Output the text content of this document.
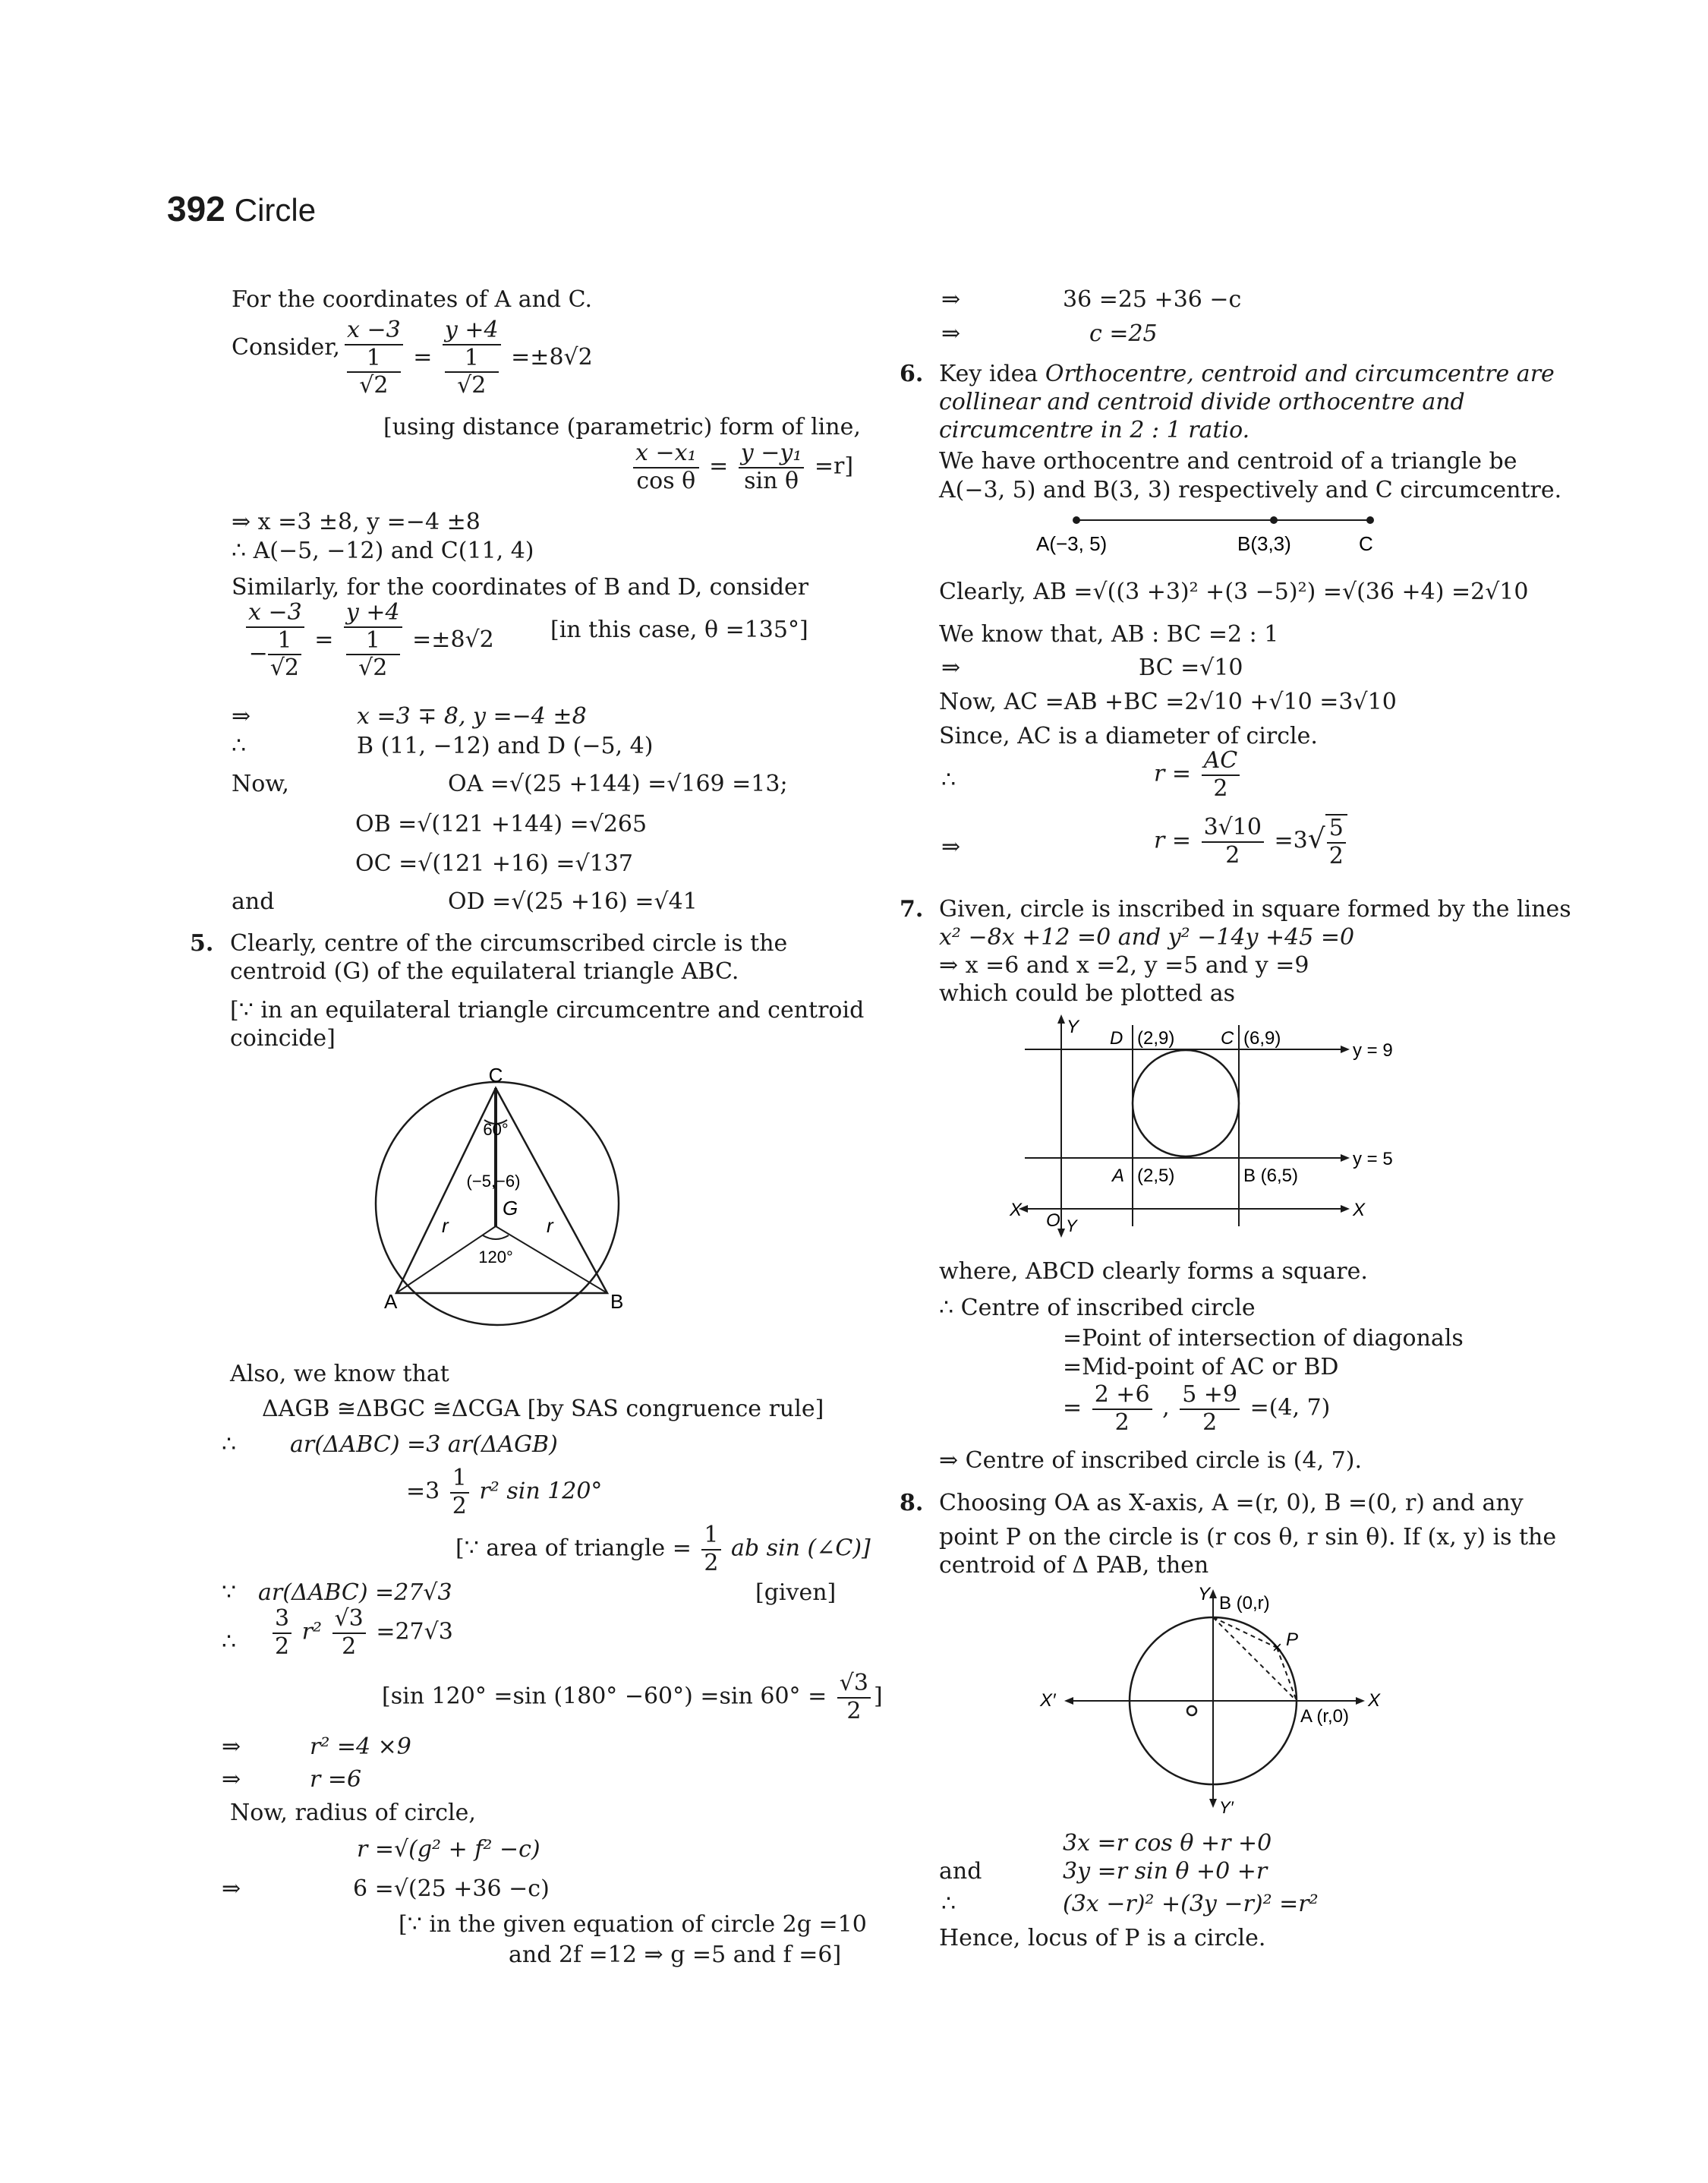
392 Circle
For the coordinates of A and C.
Consider, x −3
1
√2 = y +4
1
√2 =±8√2
[using distance (parametric) form of line,
$\frac{\text{x −x₁}}{\text{cos θ}} = \frac{\text{y −y₁}}{\text{sin θ}} =r$]
⇒ x =3 ±8, y =−4 ±8
∴ A(−5, −12) and C(11, 4)
Similarly, for the coordinates of B and D, consider
$\frac{x -3}{- \frac{1}{√2}} = y +4$
1
√2 =±8√2 [in this case, θ =135°]
⇒	x =3 ∓ 8, y =−4 ±8
∴	B (11, −12) and D (−5, 4)
Now,	OA =√(25 +144) =√169 =13;
OB =√(121 +144) =√265
OC =√(121 +16) =√137
and	OD =√(25 +16) =√41
5. Clearly, centre of the circumscribed circle is the
centroid (G) of the equilateral triangle ABC.
[∵ in an equilateral triangle circumcentre and centroid
coincide]
C
A	B
G
(−5,−6)
60°
120°
r	r
Also, we know that
ΔAGB ≅ΔBGC ≅ΔCGA [by SAS congruence rule]
∴ ar(ΔABC) =3 ar(ΔAGB)
$=3 \frac{1}{2} r^2$ sin 120°
[∵ area of triangle = $\frac{1}{2}$ ab sin (∠C)]
∵ ar(ΔABC) =27√3	[given]
∴ $\frac{3}{2} r^2 \frac{√3}{2} =27√3$
[sin 120° =sin (180° −60°) =sin $60^\circ = \frac{√3}{2}$ ]
⇒	r² =4 ×9
⇒	r =6
Now, radius of circle,
r =√(g² + f² −c)
⇒	6 =√(25 +36 −c)
[∵ in the given equation of circle 2g =10
and 2f =12 ⇒ g =5 and f =6]
⇒	36 =25 +36 −c
⇒	c =25
6. Key idea Orthocentre, centroid and circumcentre are
collinear and centroid divide orthocentre and
circumcentre in 2 : 1 ratio.
We have orthocentre and centroid of a triangle be
A(−3, 5) and B(3, 3) respectively and C circumcentre.
A(−3, 5)	B(3,3)	C
Clearly, AB =√((3 +3)² +(3 −5)²) =√(36 +4) =2√10
We know that, AB : BC =2 : 1
⇒	BC =√10
Now, AC =AB +BC =2√10 +√10 =3√10
Since, AC is a diameter of circle.
∴	$r = \frac{AC}{2}$
⇒	$r = \frac{3√10}{2} =3√ \frac{5}{2}$
7. Given, circle is inscribed in square formed by the lines
x² −8x +12 =0 and y² −14y +45 =0
⇒ x =6 and x =2, y =5 and y =9
which could be plotted as
Y
D (2,9)	C (6,9)
y = 9
y = 5
A (2,5)	B (6,5)
X	X
O Y
where, ABCD clearly forms a square.
∴ Centre of inscribed circle
=Point of intersection of diagonals
=Mid-point of AC or BD
= $\frac{2 +6}{2}$ , $\frac{5 +9}{2} =(4$, 7)
⇒ Centre of inscribed circle is (4, 7).
8. Choosing OA as X-axis, A =(r, 0), B =(0, r) and any
point P on the circle is (r cos θ, r sin θ). If (x, y) is the
centroid of Δ PAB, then
×
Y B (0,r)
P
X′	X
A (r,0)
Y′
3x =r cos θ +r +0
and	3y =r sin θ +0 +r
∴	(3x −r)² +(3y −r)² =r²
Hence, locus of P is a circle.
